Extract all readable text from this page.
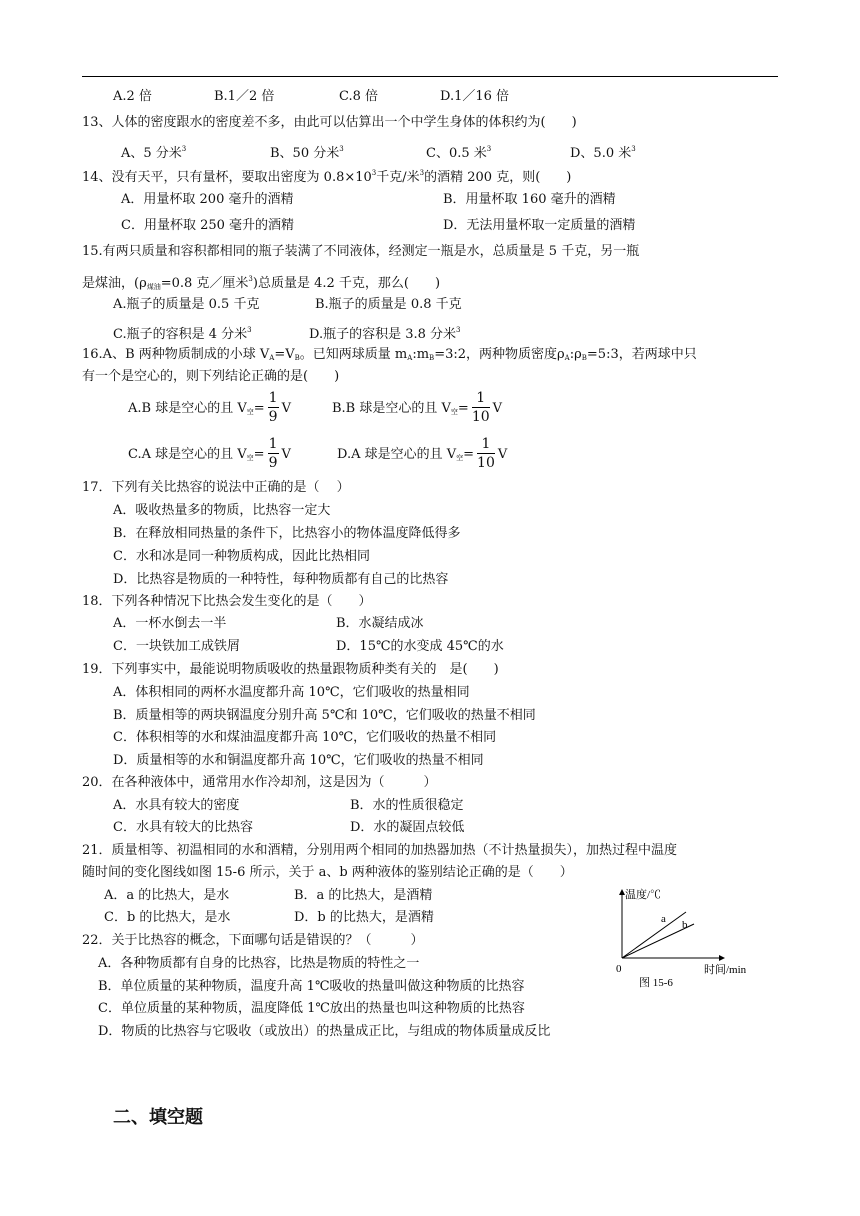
A.2 倍	B.1／2 倍	C.8 倍	D.1／16 倍
13、人体的密度跟水的密度差不多，由此可以估算出一个中学生身体的体积约为(　　)
A、5 分米$^3$	B、50 分米$^3$	C、0.5 米$^3$	D、5.0 米$^3$
14、没有天平，只有量杯，要取出密度为 $0.8\times 10^3$千克/米$^3$的酒精 200 克，则(　　)
A．用量杯取 200 毫升的酒精	B．用量杯取 160 毫升的酒精
C．用量杯取 250 毫升的酒精	D．无法用量杯取一定质量的酒精
15.有两只质量和容积都相同的瓶子装满了不同液体，经测定一瓶是水，总质量是 5 千克，另一瓶
是煤油，($\rho_{煤油}=0.8$ 克／厘米$^3$)总质量是 4.2 千克，那么(　　)
A.瓶子的质量是 0.5 千克	B.瓶子的质量是 0.8 千克
C.瓶子的容积是 4 分米$^3$	D.瓶子的容积是 3.8 分米$^3$
16.A、B 两种物质制成的小球 $V_A=V_B$。已知两球质量 $m_A:m_B=3:2$，两种物质密度$\rho_A:\rho_B=5:3$，若两球中只
有一个是空心的，则下列结论正确的是(　　)
A.B 球是空心的且 $V_空= \frac{1}{9}$ V	B.B 球是空心的且 $V_空= \frac{1}{10}$ V
C.A 球是空心的且 $V_空= \frac{1}{9}$ V	D.A 球是空心的且 $V_空= \frac{1}{10}$ V
17．下列有关比热容的说法中正确的是（　 ）
A．吸收热量多的物质，比热容一定大
B．在释放相同热量的条件下，比热容小的物体温度降低得多
C．水和冰是同一种物质构成，因此比热相同
D．比热容是物质的一种特性，每种物质都有自己的比热容
18．下列各种情况下比热会发生变化的是（　　）
A．一杯水倒去一半	B．水凝结成冰
C．一块铁加工成铁屑	D．15℃的水变成 45℃的水
19．下列事实中，最能说明物质吸收的热量跟物质种类有关的　是(　　)
A．体积相同的两杯水温度都升高 10℃，它们吸收的热量相同
B．质量相等的两块钢温度分别升高 5℃和 10℃，它们吸收的热量不相同
C．体积相等的水和煤油温度都升高 10℃，它们吸收的热量不相同
D．质量相等的水和铜温度都升高 10℃，它们吸收的热量不相同
20．在各种液体中，通常用水作冷却剂，这是因为（　　　）
A．水具有较大的密度	B．水的性质很稳定
C．水具有较大的比热容	D．水的凝固点较低
21．质量相等、初温相同的水和酒精，分别用两个相同的加热器加热（不计热量损失），加热过程中温度
随时间的变化图线如图 15-6 所示，关于 a、b 两种液体的鉴别结论正确的是（　　）
A．a 的比热大，是水	B．a 的比热大，是酒精
C．b 的比热大，是水	D．b 的比热大，是酒精
22．关于比热容的概念，下面哪句话是错误的？（　　　）
A．各种物质都有自身的比热容，比热是物质的特性之一
B．单位质量的某种物质，温度升高 1℃吸收的热量叫做这种物质的比热容
C．单位质量的某种物质，温度降低 1℃放出的热量也叫这种物质的比热容
D．物质的比热容与它吸收（或放出）的热量成正比，与组成的物体质量成反比
温度/℃
0	时间/min
a b
图 15-6
二、填空题
